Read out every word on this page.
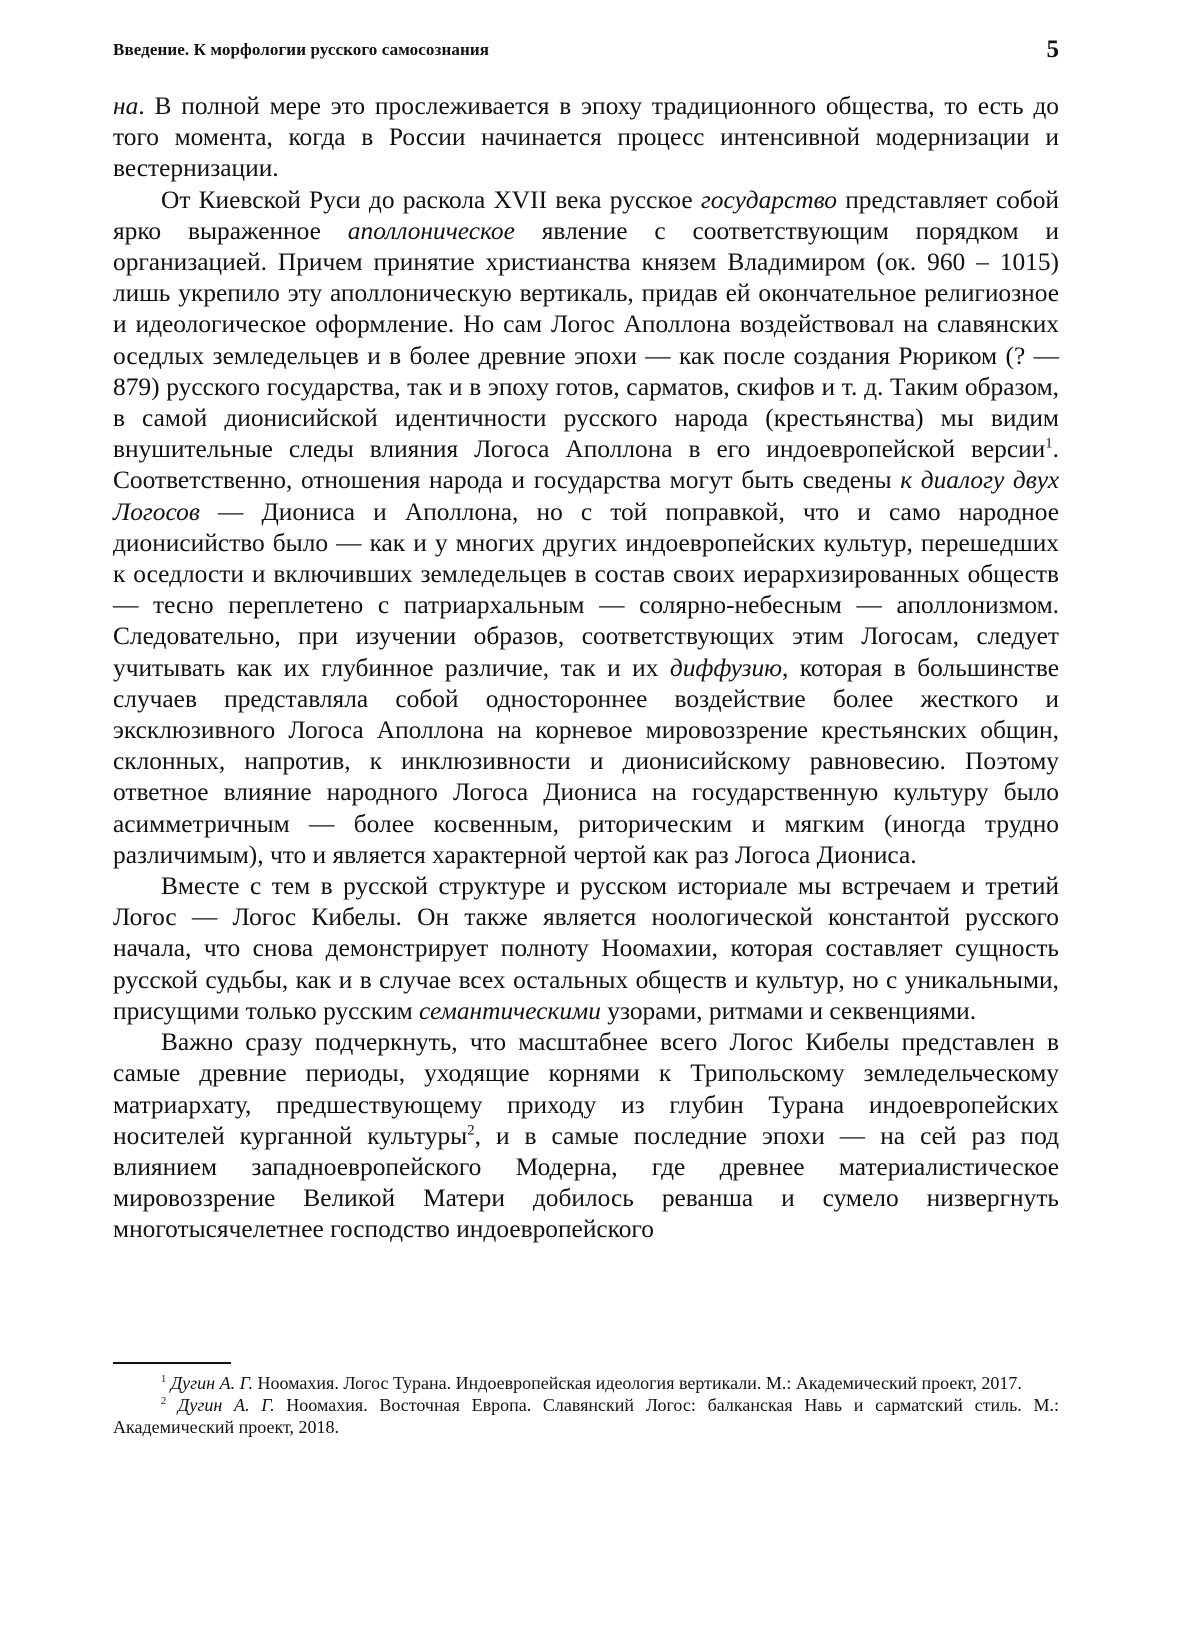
Введение. К морфологии русского самосознания	5

на. В полной мере это прослеживается в эпоху традиционного общества, то есть до того момента, когда в России начинается процесс интенсивной модернизации и вестернизации.

От Киевской Руси до раскола XVII века русское государство представляет собой ярко выраженное аполлоническое явление с соответствующим порядком и организацией. Причем принятие христианства князем Владимиром (ок. 960 – 1015) лишь укрепило эту аполлоническую вертикаль, придав ей окончательное религиозное и идеологическое оформление. Но сам Логос Аполлона воздействовал на славянских оседлых земледельцев и в более древние эпохи — как после создания Рюриком (? — 879) русского государства, так и в эпоху готов, сарматов, скифов и т. д. Таким образом, в самой дионисийской идентичности русского народа (крестьянства) мы видим внушительные следы влияния Логоса Аполлона в его индоевропейской версии$^1$. Соответственно, отношения народа и государства могут быть сведены к диалогу двух Логосов — Диониса и Аполлона, но с той поправкой, что и само народное дионисийство было — как и у многих других индоевропейских культур, перешедших к оседлости и включивших земледельцев в состав своих иерархизированных обществ — тесно переплетено с патриархальным — солярно-небесным — аполлонизмом. Следовательно, при изучении образов, соответствующих этим Логосам, следует учитывать как их глубинное различие, так и их диффузию, которая в большинстве случаев представляла собой одностороннее воздействие более жесткого и эксклюзивного Логоса Аполлона на корневое мировоззрение крестьянских общин, склонных, напротив, к инклюзивности и дионисийскому равновесию. Поэтому ответное влияние народного Логоса Диониса на государственную культуру было асимметричным — более косвенным, риторическим и мягким (иногда трудно различимым), что и является характерной чертой как раз Логоса Диониса.

Вместе с тем в русской структуре и русском историале мы встречаем и третий Логос — Логос Кибелы. Он также является ноологической константой русского начала, что снова демонстрирует полноту Ноомахии, которая составляет сущность русской судьбы, как и в случае всех остальных обществ и культур, но с уникальными, присущими только русским семантическими узорами, ритмами и секвенциями.

Важно сразу подчеркнуть, что масштабнее всего Логос Кибелы представлен в самые древние периоды, уходящие корнями к Трипольскому земледельческому матриархату, предшествующему приходу из глубин Турана индоевропейских носителей курганной культуры$^2$, и в самые последние эпохи — на сей раз под влиянием западноевропейского Модерна, где древнее материалистическое мировоззрение Великой Матери добилось реванша и сумело низвергнуть многотысячелетнее господство индоевропейского

$^1$ Дугин А. Г. Ноомахия. Логос Турана. Индоевропейская идеология вертикали. М.: Академический проект, 2017.

$^2$ Дугин А. Г. Ноомахия. Восточная Европа. Славянский Логос: балканская Навь и сарматский стиль. М.: Академический проект, 2018.
